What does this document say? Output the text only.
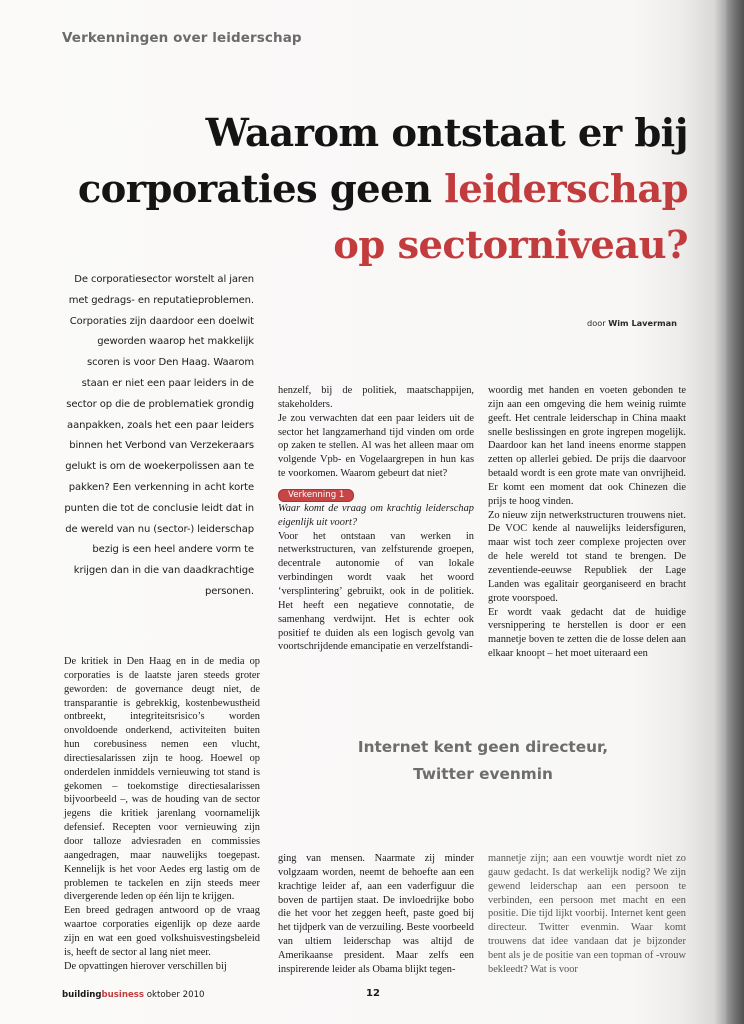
Verkenningen over leiderschap
Waarom ontstaat er bij
corporaties geen leiderschap
op sectorniveau?
De corporatiesector worstelt al jaren met gedrags- en reputatieproblemen. Corporaties zijn daardoor een doelwit geworden waarop het makkelijk scoren is voor Den Haag. Waarom staan er niet een paar leiders in de sector op die de problematiek grondig aanpakken, zoals het een paar leiders binnen het Verbond van Verzekeraars gelukt is om de woekerpolissen aan te pakken? Een verkenning in acht korte punten die tot de conclusie leidt dat in de wereld van nu (sector-) leiderschap bezig is een heel andere vorm te krijgen dan in die van daadkrachtige personen.
door Wim Laverman

De kritiek in Den Haag en in de media op corporaties is de laatste jaren steeds groter geworden: de governance deugt niet, de transparantie is gebrekkig, kostenbewustheid ontbreekt, integriteitsrisico’s worden onvoldoende onderkend, activiteiten buiten hun corebusiness nemen een vlucht, directiesalarissen zijn te hoog. Hoewel op onderdelen inmiddels vernieuwing tot stand is gekomen – toekomstige directiesalarissen bijvoorbeeld –, was de houding van de sector jegens die kritiek jarenlang voornamelijk defensief. Recepten voor vernieuwing zijn door talloze adviesraden en commissies aangedragen, maar nauwelijks toegepast. Kennelijk is het voor Aedes erg lastig om de problemen te tackelen en zijn steeds meer divergerende leden op één lijn te krijgen.

Een breed gedragen antwoord op de vraag waartoe corporaties eigenlijk op deze aarde zijn en wat een goed volkshuisvestingsbeleid is, heeft de sector al lang niet meer.

De opvattingen hierover verschillen bij

henzelf, bij de politiek, maatschappijen, stakeholders.

Je zou verwachten dat een paar leiders uit de sector het langzamerhand tijd vinden om orde op zaken te stellen. Al was het alleen maar om volgende Vpb- en Vogelaargrepen in hun kas te voorkomen. Waarom gebeurt dat niet?

Verkenning 1

Waar komt de vraag om krachtig leiderschap eigenlijk uit voort?

Voor het ontstaan van werken in netwerkstructuren, van zelfsturende groepen, decentrale autonomie of van lokale verbindingen wordt vaak het woord ‘versplintering’ gebruikt, ook in de politiek. Het heeft een negatieve connotatie, de samenhang verdwijnt. Het is echter ook positief te duiden als een logisch gevolg van voortschrijdende emancipatie en verzelfstandi-

woordig met handen en voeten gebonden te zijn aan een omgeving die hem weinig ruimte geeft. Het centrale leiderschap in China maakt snelle beslissingen en grote ingrepen mogelijk. Daardoor kan het land ineens enorme stappen zetten op allerlei gebied. De prijs die daarvoor betaald wordt is een grote mate van onvrijheid. Er komt een moment dat ook Chinezen die prijs te hoog vinden.

Zo nieuw zijn netwerkstructuren trouwens niet. De VOC kende al nauwelijks leidersfiguren, maar wist toch zeer complexe projecten over de hele wereld tot stand te brengen. De zeventiende-eeuwse Republiek der Lage Landen was egalitair georganiseerd en bracht grote voorspoed.

Er wordt vaak gedacht dat de huidige versnippering te herstellen is door er een mannetje boven te zetten die de losse delen aan elkaar knoopt – het moet uiteraard een

Internet kent geen directeur,
Twitter evenmin

ging van mensen. Naarmate zij minder volgzaam worden, neemt de behoefte aan een krachtige leider af, aan een vaderfiguur die boven de partijen staat. De invloedrijke bobo die het voor het zeggen heeft, paste goed bij het tijdperk van de verzuiling. Beste voorbeeld van ultiem leiderschap was altijd de Amerikaanse president. Maar zelfs een inspirerende leider als Obama blijkt tegen-

mannetje zijn; aan een vouwtje wordt niet zo gauw gedacht. Is dat werkelijk nodig? We zijn gewend leiderschap aan een persoon te verbinden, een persoon met macht en een positie. Die tijd lijkt voorbij. Internet kent geen directeur. Twitter evenmin. Waar komt trouwens dat idee vandaan dat je bijzonder bent als je de positie van een topman of -vrouw bekleedt? Wat is voor

buildingbusiness oktober 2010	12
